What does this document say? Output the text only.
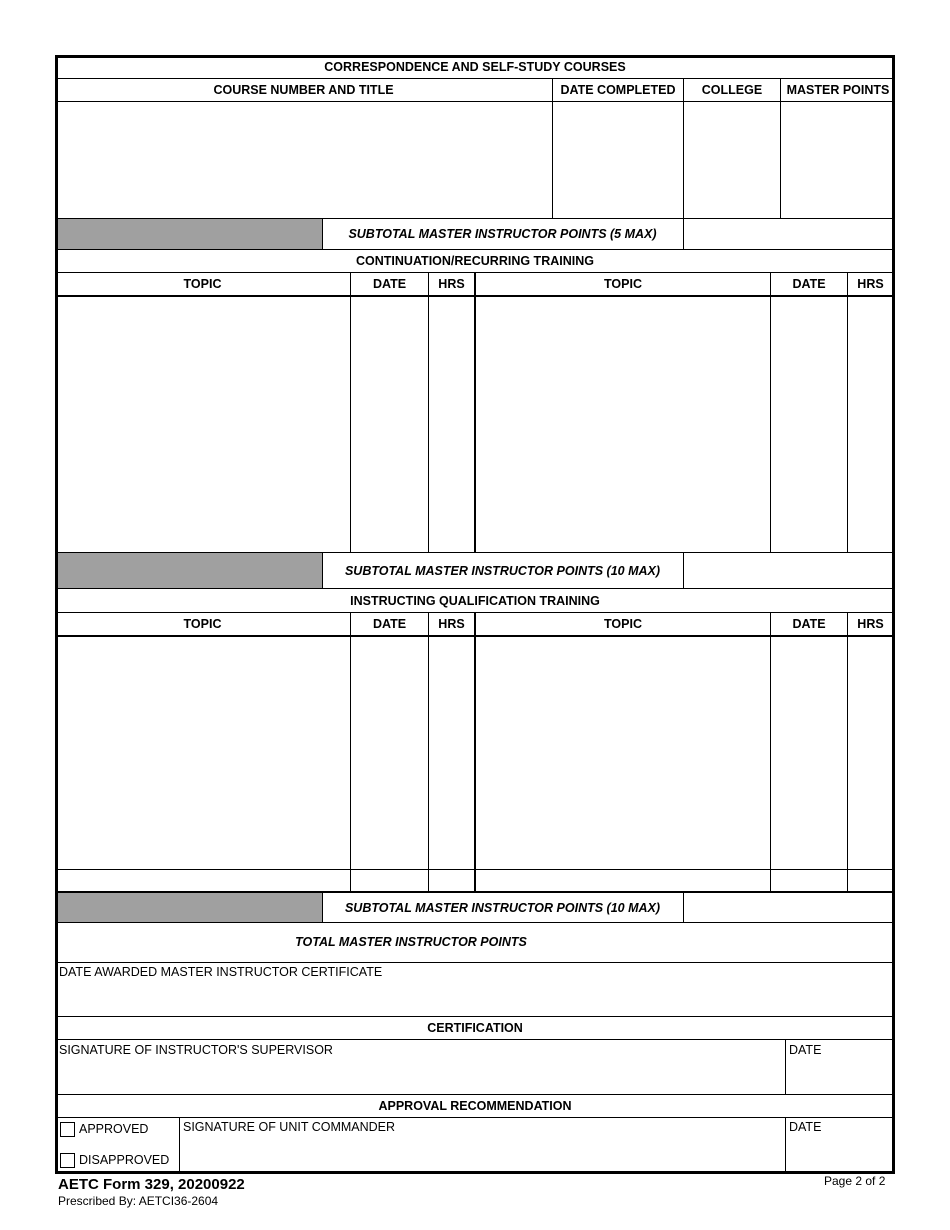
CORRESPONDENCE AND SELF-STUDY COURSES
COURSE NUMBER AND TITLE	DATE COMPLETED	COLLEGE	MASTER POINTS
SUBTOTAL MASTER INSTRUCTOR POINTS (5 MAX)
CONTINUATION/RECURRING TRAINING
TOPIC	DATE	HRS	TOPIC	DATE	HRS
SUBTOTAL MASTER INSTRUCTOR POINTS (10 MAX)
INSTRUCTING QUALIFICATION TRAINING
TOPIC	DATE	HRS	TOPIC	DATE	HRS
SUBTOTAL MASTER INSTRUCTOR POINTS (10 MAX)
TOTAL MASTER INSTRUCTOR POINTS
DATE AWARDED MASTER INSTRUCTOR CERTIFICATE
CERTIFICATION
SIGNATURE OF INSTRUCTOR'S SUPERVISOR	DATE
APPROVAL RECOMMENDATION
APPROVED
DISAPPROVED
SIGNATURE OF UNIT COMMANDER	DATE
AETC Form 329, 20200922
Prescribed By: AETCI36-2604
Page 2 of 2
